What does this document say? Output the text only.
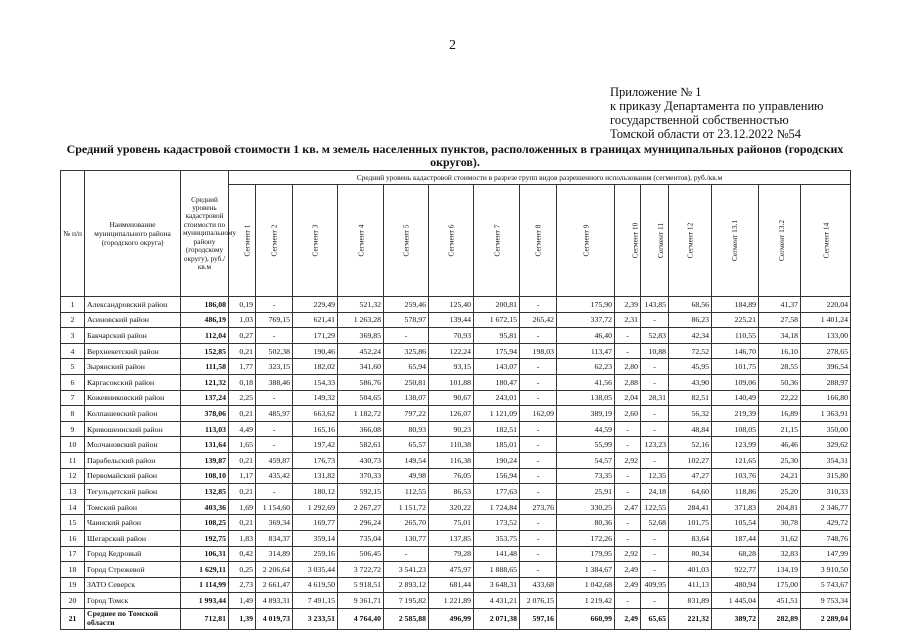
2
Приложение № 1
к приказу Департамента по управлению
государственной собственностью
Томской области от 23.12.2022 №54
Средний уровень кадастровой стоимости 1 кв. м земель населенных пунктов, расположенных в границах муниципальных районов (городских округов).
№ п/п	Наименование муниципального района (городского округа)	Средний уровень кадастровой стоимости по муниципальному району (городскому округу), руб./кв.м	Средний уровень кадастровой стоимости в разрезе групп видов разрешенного использования (сегментов), руб./кв.м														
			Сегмент 1	Сегмент 2	Сегмент 3	Сегмент 4	Сегмент 5	Сегмент 6	Сегмент 7	Сегмент 8	Сегмент 9	Сегмент 10	Сегмент 11	Сегмент 12	Сегмент 13.1	Сегмент 13.2	Сегмент 14
1	Александровский район	186,08	0,19	-	229,49	521,32	259,46	125,40	200,81	-	175,90	2,39	143,85	68,56	184,89	41,37	220,04
2	Асиновский район	486,19	1,03	769,15	621,41	1 263,28	578,97	139,44	1 672,15	265,42	337,72	2,31	-	86,23	225,21	27,58	1 401,24
3	Бакчарский район	112,04	0,27	-	171,29	369,85	-	70,93	95,81	-	46,40	-	52,83	42,34	110,55	34,18	133,00
4	Верхнекетский район	152,85	0,21	502,38	190,46	452,24	325,86	122,24	175,94	198,03	113,47	-	10,88	72,52	146,70	16,10	278,65
5	Зырянский район	111,58	1,77	323,15	182,02	341,60	65,94	93,15	143,07	-	62,23	2,80	-	45,95	101,75	28,55	396,54
6	Каргасокский район	121,32	0,18	388,46	154,33	586,76	250,81	101,88	180,47	-	41,56	2,88	-	43,90	109,06	50,36	288,97
7	Кожевниковский район	137,24	2,25	-	149,32	504,65	138,07	90,67	243,01	-	138,05	2,04	28,31	82,51	140,49	22,22	166,80
8	Колпашевский район	378,06	0,21	485,97	663,62	1 182,72	797,22	126,07	1 121,09	162,09	389,19	2,60	-	56,32	219,39	16,89	1 363,91
9	Кривошеинский район	113,03	4,49	-	165,16	366,08	80,93	90,23	182,51	-	44,59	-	-	48,84	108,05	21,15	350,00
10	Молчановский район	131,64	1,65	-	197,42	582,61	65,57	110,38	185,01	-	55,99	-	123,23	52,16	123,99	46,46	329,62
11	Парабельский район	139,87	0,21	459,87	176,73	430,73	149,54	116,38	190,24	-	54,57	2,92	-	102,27	121,65	25,30	354,31
12	Первомайский район	108,10	1,17	435,42	131,82	370,33	49,98	76,05	156,94	-	73,35	-	12,35	47,27	103,76	24,21	315,80
13	Тегульдетский район	132,85	0,21	-	180,12	592,15	112,55	86,53	177,63	-	25,91	-	24,18	64,60	118,86	25,20	310,33
14	Томский район	403,36	1,69	1 154,60	1 292,69	2 267,27	1 151,72	320,22	1 724,84	273,76	330,25	2,47	122,55	284,41	371,83	204,81	2 346,77
15	Чаинский район	108,25	0,21	369,34	169,77	296,24	265,70	75,01	173,52	-	80,36	-	52,68	101,75	105,54	30,78	429,72
16	Шегарский район	192,75	1,83	834,37	359,14	735,04	130,77	137,85	353,75	-	172,26	-	-	83,64	187,44	31,62	748,76
17	Город Кедровый	106,31	0,42	314,89	259,16	506,45	-	79,28	141,48	-	179,95	2,92	-	80,34	68,28	32,83	147,99
18	Город Стрежевой	1 629,11	0,25	2 206,64	3 035,44	3 722,72	3 541,23	475,97	1 888,65	-	1 384,67	2,49	-	401,03	922,77	134,19	3 910,50
19	ЗАТО Северск	1 114,99	2,73	2 661,47	4 619,50	5 918,51	2 893,12	681,44	3 648,31	433,68	1 042,68	2,49	409,95	411,13	480,94	175,00	5 743,67
20	Город Томск	1 993,44	1,49	4 893,31	7 491,15	9 361,71	7 195,82	1 221,89	4 431,21	2 076,15	1 219,42	-	-	831,89	1 445,04	451,51	9 753,34
21	Среднее по Томской области	712,81	1,39	4 019,73	3 233,51	4 764,40	2 585,88	496,99	2 071,38	597,16	660,99	2,49	65,65	221,32	389,72	282,89	2 289,04
